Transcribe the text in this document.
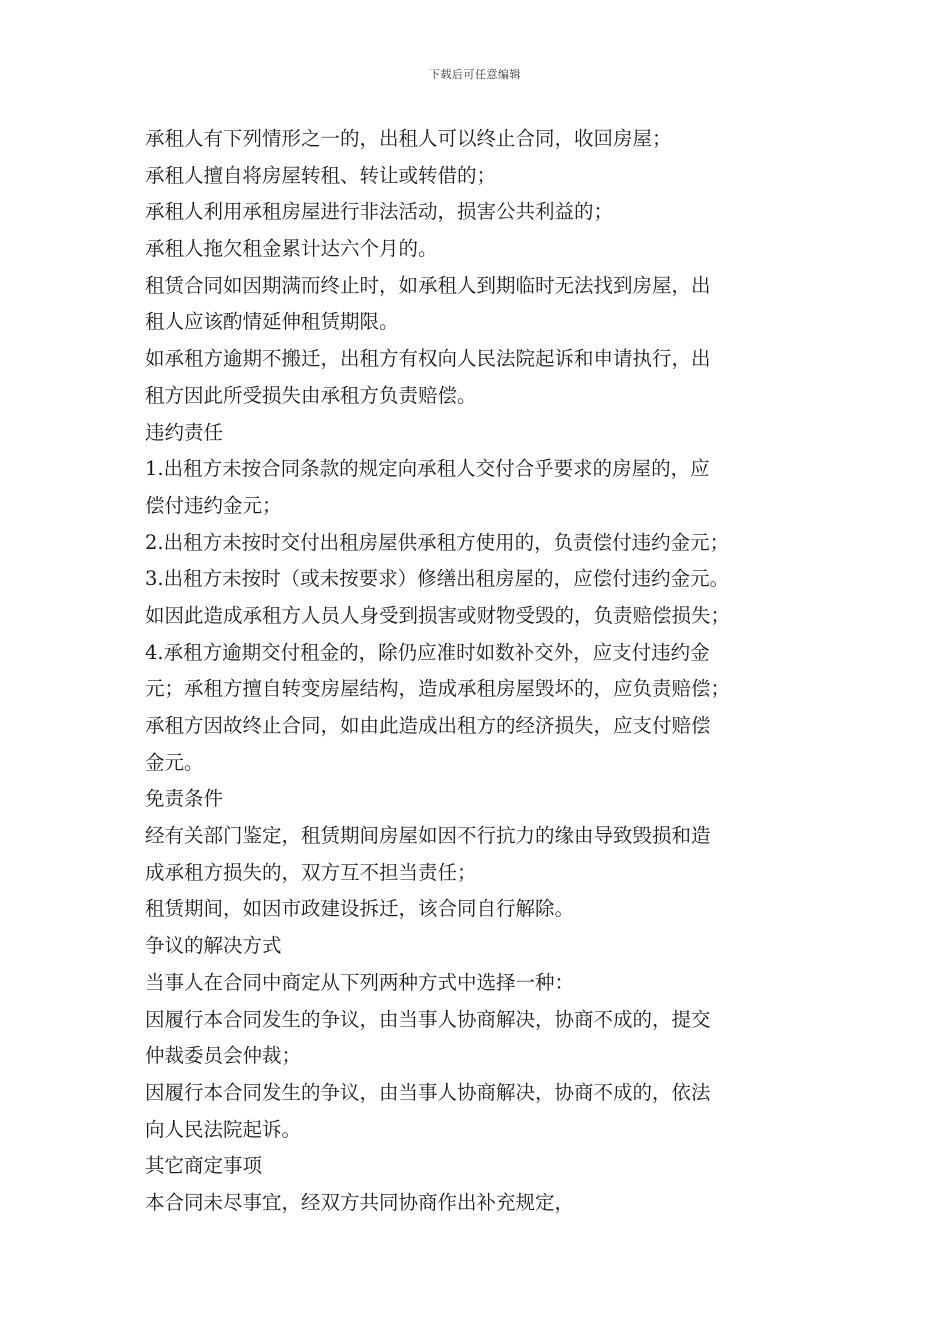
下载后可任意编辑
承租人有下列情形之一的，出租人可以终止合同，收回房屋；
承租人擅自将房屋转租、转让或转借的；
承租人利用承租房屋进行非法活动，损害公共利益的；
承租人拖欠租金累计达六个月的。
租赁合同如因期满而终止时，如承租人到期临时无法找到房屋，出
租人应该酌情延伸租赁期限。
如承租方逾期不搬迁，出租方有权向人民法院起诉和申请执行，出
租方因此所受损失由承租方负责赔偿。
违约责任
1.出租方未按合同条款的规定向承租人交付合乎要求的房屋的，应
偿付违约金元；
2.出租方未按时交付出租房屋供承租方使用的，负责偿付违约金元；
3.出租方未按时（或未按要求）修缮出租房屋的，应偿付违约金元。
如因此造成承租方人员人身受到损害或财物受毁的，负责赔偿损失；
4.承租方逾期交付租金的，除仍应准时如数补交外，应支付违约金
元；承租方擅自转变房屋结构，造成承租房屋毁坏的，应负责赔偿；
承租方因故终止合同，如由此造成出租方的经济损失，应支付赔偿
金元。
免责条件
经有关部门鉴定，租赁期间房屋如因不行抗力的缘由导致毁损和造
成承租方损失的，双方互不担当责任；
租赁期间，如因市政建设拆迁，该合同自行解除。
争议的解决方式
当事人在合同中商定从下列两种方式中选择一种：
因履行本合同发生的争议，由当事人协商解决，协商不成的，提交
仲裁委员会仲裁；
因履行本合同发生的争议，由当事人协商解决，协商不成的，依法
向人民法院起诉。
其它商定事项
本合同未尽事宜，经双方共同协商作出补充规定，
